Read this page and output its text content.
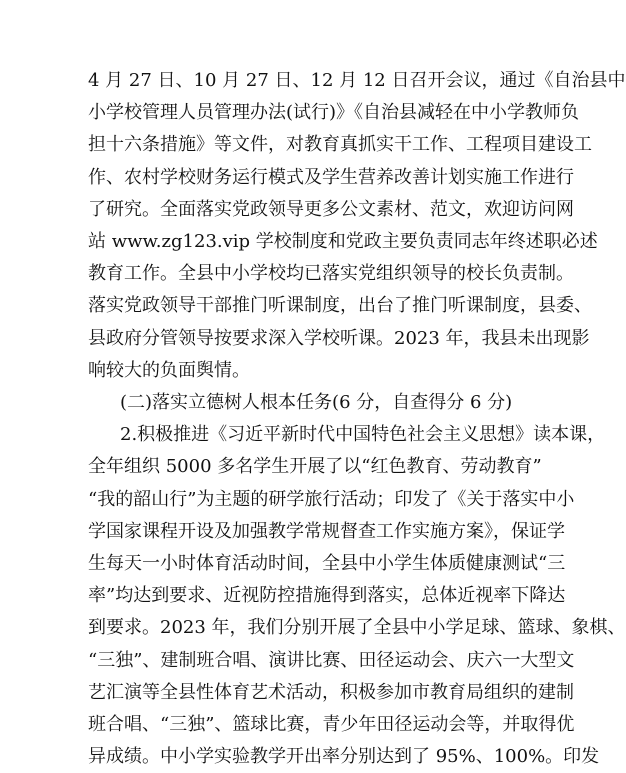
4 月 27 日、10 月 27 日、12 月 12 日召开会议，通过《自治县中
小学校管理人员管理办法(试行)》《自治县减轻在中小学教师负
担十六条措施》等文件，对教育真抓实干工作、工程项目建设工
作、农村学校财务运行模式及学生营养改善计划实施工作进行
了研究。全面落实党政领导更多公文素材、范文，欢迎访问网
站 www.zg123.vip 学校制度和党政主要负责同志年终述职必述
教育工作。全县中小学校均已落实党组织领导的校长负责制。
落实党政领导干部推门听课制度，出台了推门听课制度，县委、
县政府分管领导按要求深入学校听课。2023 年，我县未出现影
响较大的负面舆情。
(二)落实立德树人根本任务(6 分，自查得分 6 分)
2.积极推进《习近平新时代中国特色社会主义思想》读本课，
全年组织 5000 多名学生开展了以“红色教育、劳动教育”
“我的韶山行”为主题的研学旅行活动；印发了《关于落实中小
学国家课程开设及加强教学常规督查工作实施方案》，保证学
生每天一小时体育活动时间，全县中小学生体质健康测试“三
率”均达到要求、近视防控措施得到落实，总体近视率下降达
到要求。2023 年，我们分别开展了全县中小学足球、篮球、象棋、
“三独”、建制班合唱、演讲比赛、田径运动会、庆六一大型文
艺汇演等全县性体育艺术活动，积极参加市教育局组织的建制
班合唱、“三独”、篮球比赛，青少年田径运动会等，并取得优
异成绩。中小学实验教学开出率分别达到了 95%、100%。印发
